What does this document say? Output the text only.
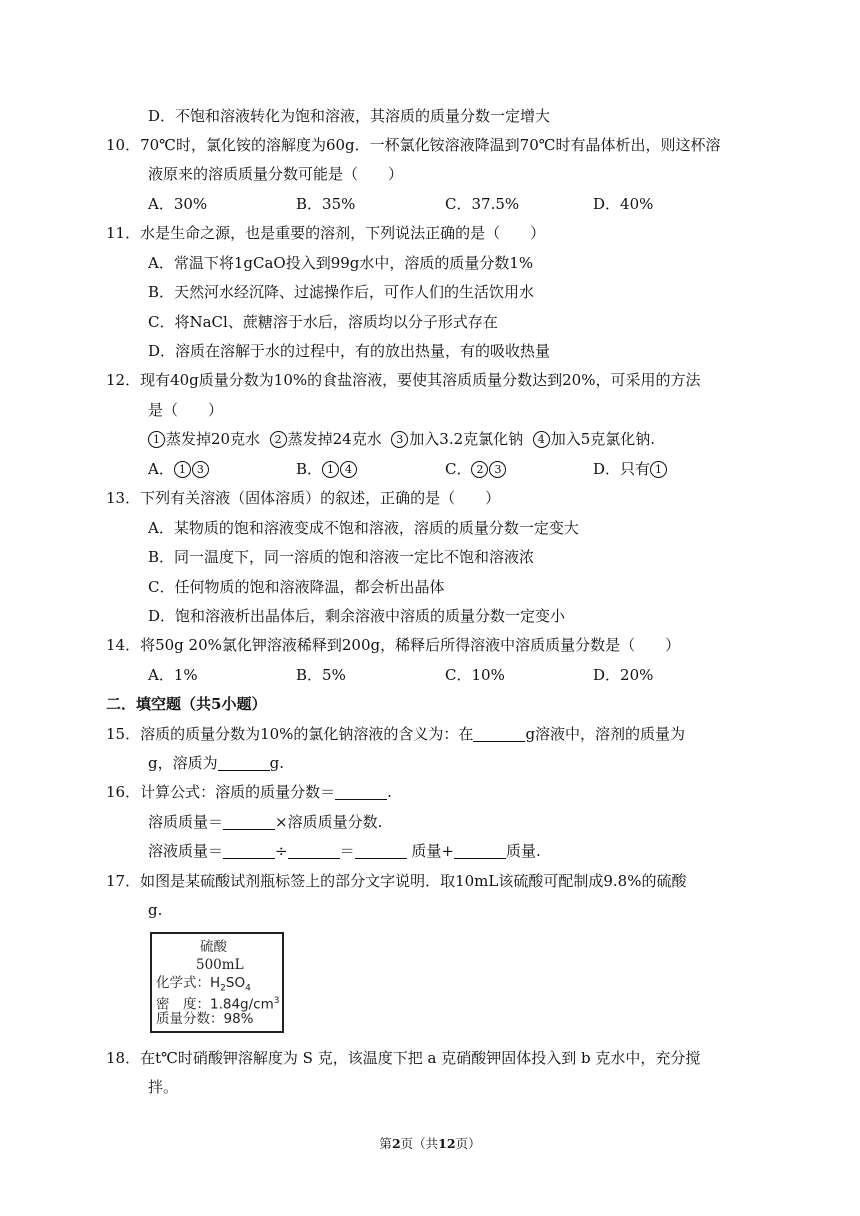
D．不饱和溶液转化为饱和溶液，其溶质的质量分数一定增大
10．70℃时，氯化铵的溶解度为60g．一杯氯化铵溶液降温到70℃时有晶体析出，则这杯溶
液原来的溶质质量分数可能是（　　）
A．30%	B．35%	C．37.5%	D．40%
11．水是生命之源，也是重要的溶剂，下列说法正确的是（　　）
A．常温下将1gCaO投入到99g水中，溶质的质量分数1%
B．天然河水经沉降、过滤操作后，可作人们的生活饮用水
C．将NaCl、蔗糖溶于水后，溶质均以分子形式存在
D．溶质在溶解于水的过程中，有的放出热量，有的吸收热量
12．现有40g质量分数为10%的食盐溶液，要使其溶质质量分数达到20%，可采用的方法
是（　　）
1 蒸发掉20克水 2 蒸发掉24克水 3 加入3.2克氯化钠 4 加入5克氯化钠.
A． 1 3	B． 1 4	C． 2 3	D．只有 1
13．下列有关溶液（固体溶质）的叙述，正确的是（　　）
A．某物质的饱和溶液变成不饱和溶液，溶质的质量分数一定变大
B．同一温度下，同一溶质的饱和溶液一定比不饱和溶液浓
C．任何物质的饱和溶液降温，都会析出晶体
D．饱和溶液析出晶体后，剩余溶液中溶质的质量分数一定变小
14．将50g 20%氯化钾溶液稀释到200g，稀释后所得溶液中溶质质量分数是（　　）
A．1%	B．5%	C．10%	D．20%
二．填空题（共5小题）
15．溶质的质量分数为10%的氯化钠溶液的含义为：在	g溶液中，溶剂的质量为
g，溶质为	g.
16．计算公式：溶质的质量分数＝	.
溶质质量＝	×溶质质量分数.
溶液质量＝	÷	＝	质量+	质量.
17．如图是某硫酸试剂瓶标签上的部分文字说明．取10mL该硫酸可配制成9.8%的硫酸
g.
硫酸
500mL
化学式：$H_2SO_4$
密　度：$1.84g/cm^3$
质量分数：98%
18．在t℃时硝酸钾溶解度为 S 克，该温度下把 a 克硝酸钾固体投入到 b 克水中，充分搅
拌。
第2页（共12页）
